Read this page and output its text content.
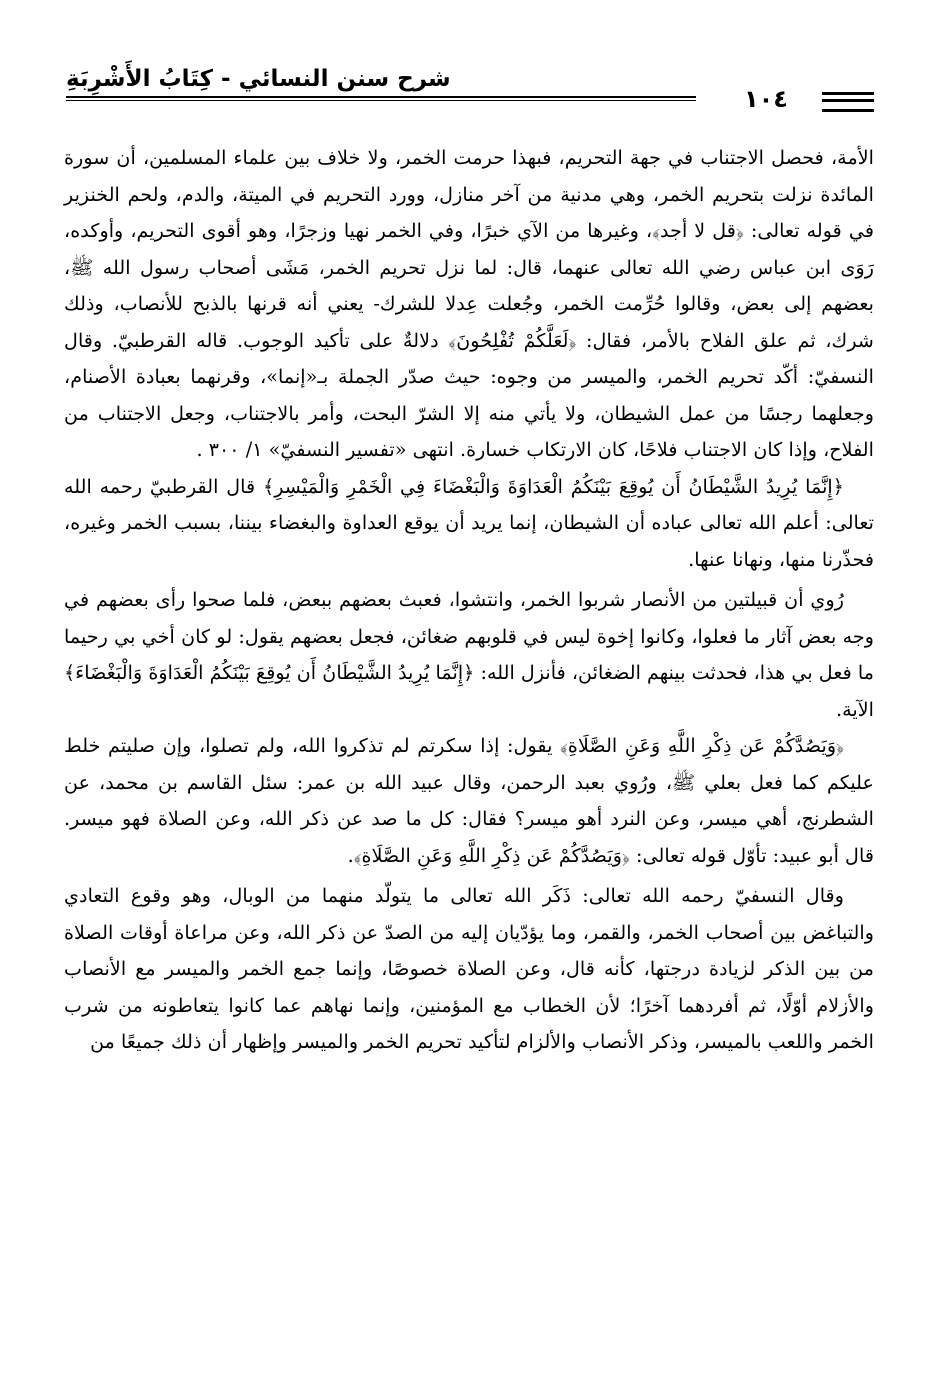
شرح سنن النسائي - كِتَابُ الأَشْرِبَةِ
١٠٤

الأمة، فحصل الاجتناب في جهة التحريم، فبهذا حرمت الخمر، ولا خلاف بين علماء المسلمين، أن سورة المائدة نزلت بتحريم الخمر، وهي مدنية من آخر منازل، وورد التحريم في الميتة، والدم، ولحم الخنزير في قوله تعالى: ﴿قل لا أجد﴾، وغيرها من الآي خبرًا، وفي الخمر نهيا وزجرًا، وهو أقوى التحريم، وأوكده، رَوَى ابن عباس رضي الله تعالى عنهما، قال: لما نزل تحريم الخمر، مَشَى أصحاب رسول الله ﷺ، بعضهم إلى بعض، وقالوا حُرِّمت الخمر، وجُعلت عِدلا للشرك- يعني أنه قرنها بالذبح للأنصاب، وذلك شرك، ثم علق الفلاح بالأمر، فقال: ﴿لَعَلَّكُمْ تُفْلِحُونَ﴾ دلالةٌ على تأكيد الوجوب. قاله القرطبيّ. وقال النسفيّ: أكّد تحريم الخمر، والميسر من وجوه: حيث صدّر الجملة بـ«إنما»، وقرنهما بعبادة الأصنام، وجعلهما رجسًا من عمل الشيطان، ولا يأتي منه إلا الشرّ البحت، وأمر بالاجتناب، وجعل الاجتناب من الفلاح، وإذا كان الاجتناب فلاحًا، كان الارتكاب خسارة. انتهى «تفسير النسفيّ» ١/ ٣٠٠ .

﴿إِنَّمَا يُرِيدُ الشَّيْطَانُ أَن يُوقِعَ بَيْنَكُمُ الْعَدَاوَةَ وَالْبَغْضَاءَ فِي الْخَمْرِ وَالْمَيْسِرِ﴾ قال القرطبيّ رحمه الله تعالى: أعلم الله تعالى عباده أن الشيطان، إنما يريد أن يوقع العداوة والبغضاء بيننا، بسبب الخمر وغيره، فحذّرنا منها، ونهانا عنها.

رُوي أن قبيلتين من الأنصار شربوا الخمر، وانتشوا، فعبث بعضهم ببعض، فلما صحوا رأى بعضهم في وجه بعض آثار ما فعلوا، وكانوا إخوة ليس في قلوبهم ضغائن، فجعل بعضهم يقول: لو كان أخي بي رحيما ما فعل بي هذا، فحدثت بينهم الضغائن، فأنزل الله: ﴿إِنَّمَا يُرِيدُ الشَّيْطَانُ أَن يُوقِعَ بَيْنَكُمُ الْعَدَاوَةَ وَالْبَغْضَاءَ﴾ الآية.

﴿وَيَصُدَّكُمْ عَن ذِكْرِ اللَّهِ وَعَنِ الصَّلَاةِ﴾ يقول: إذا سكرتم لم تذكروا الله، ولم تصلوا، وإن صليتم خلط عليكم كما فعل بعلي ﷺ، ورُوي بعبد الرحمن، وقال عبيد الله بن عمر: سئل القاسم بن محمد، عن الشطرنج، أهي ميسر، وعن النرد أهو ميسر؟ فقال: كل ما صد عن ذكر الله، وعن الصلاة فهو ميسر. قال أبو عبيد: تأوّل قوله تعالى: ﴿وَيَصُدَّكُمْ عَن ذِكْرِ اللَّهِ وَعَنِ الصَّلَاةِ﴾.

وقال النسفيّ رحمه الله تعالى: ذَكَر الله تعالى ما يتولّد منهما من الوبال، وهو وقوع التعادي والتباغض بين أصحاب الخمر، والقمر، وما يؤدّيان إليه من الصدّ عن ذكر الله، وعن مراعاة أوقات الصلاة من بين الذكر لزيادة درجتها، كأنه قال، وعن الصلاة خصوصًا، وإنما جمع الخمر والميسر مع الأنصاب والأزلام أوّلًا، ثم أفردهما آخرًا؛ لأن الخطاب مع المؤمنين، وإنما نهاهم عما كانوا يتعاطونه من شرب الخمر واللعب بالميسر، وذكر الأنصاب والألزام لتأكيد تحريم الخمر والميسر وإظهار أن ذلك جميعًا من
